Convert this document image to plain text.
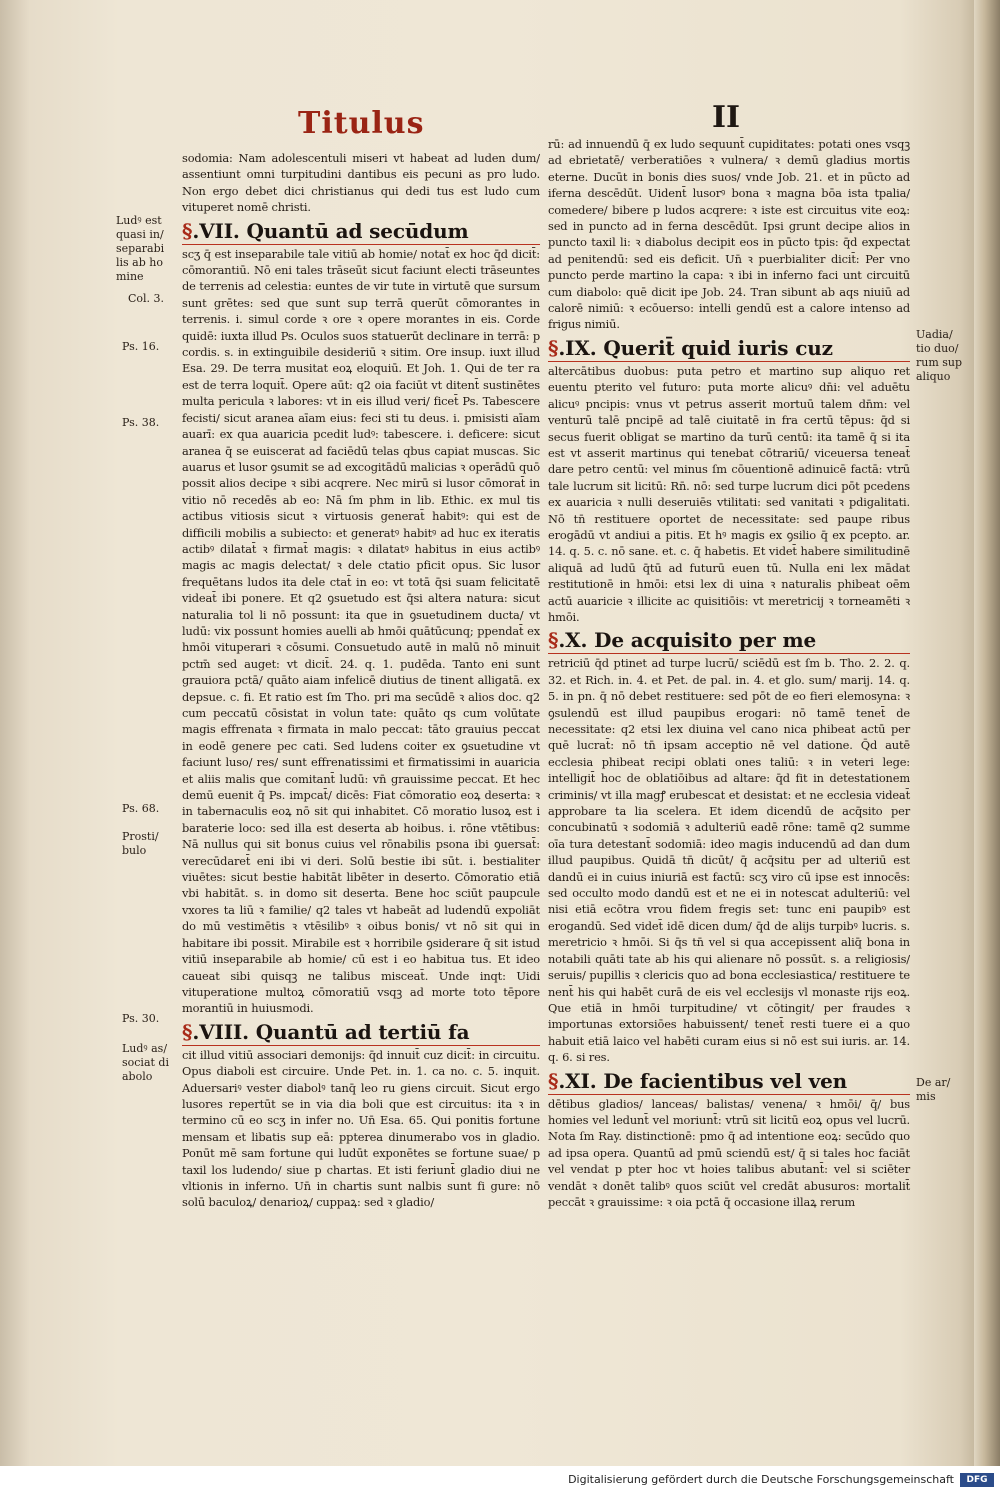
Titulus	II

sodomia: Nam adolescentuli miseri vt habeat ad luden dum/ assentiunt omni turpitudini dantibus eis pecuni as pro ludo. Non ergo debet dici christianus qui dedi tus est ludo cum vituperet nomē christi.

§.VII. Quantū ad secūdum

scʒ q̄ est inseparabile tale vitiū ab homie/ notat̄ ex hoc q̄d dicit̄: cōmorantiū. Nō eni tales trāseūt sicut faciunt electi trāseuntes de terrenis ad celestia: euntes de vir tute in virtutē que sursum sunt grētes: sed que sunt sup terrā querūt cōmorantes in terrenis. i. simul corde ꝛ ore ꝛ opere morantes in eis. Corde quidē: iuxta illud Ps. Oculos suos statuerūt declinare in terrā: p cordis. s. in extinguibile desideriū ꝛ sitim. Ore insup. iuxt illud Esa. 29. De terra musitat eoꝝ eloquiū. Et Joh. 1. Qui de ter ra est de terra loquit̄. Opere aūt: q2 oia faciūt vt ditent̄ sustinētes multa pericula ꝛ labores: vt in eis illud veri/ ficet̄ Ps. Tabescere fecisti/ sicut aranea aīam eius: feci sti tu deus. i. pmisisti aīam auarī: ex qua auaricia pcedit ludꝰ: tabescere. i. deficere: sicut aranea q̄ se euiscerat ad faciēdū telas qbus capiat muscas. Sic auarus et lusor ꝯsumit se ad excogitādū malicias ꝛ operādū quō possit alios decipe ꝛ sibi acqrere. Nec mirū si lusor cōmorat̄ in vitio nō recedēs ab eo: Nā ſm phm in lib. Ethic. ex mul tis actibus vitiosis sicut ꝛ virtuosis generat̄ habitꝰ: qui est de difficili mobilis a subiecto: et generatꝰ habitꝰ ad huc ex iteratis actibꝰ dilatat̄ ꝛ firmat̄ magis: ꝛ dilatatꝰ habitus in eius actibꝰ magis ac magis delectat/ ꝛ dele ctatio pficit opus. Sic lusor frequētans ludos ita dele ctat̄ in eo: vt totā q̄si suam felicitatē videat̄ ibi ponere. Et q2 ꝯsuetudo est q̄si altera natura: sicut naturalia tol li nō possunt: ita que in ꝯsuetudinem ducta/ vt ludū: vix possunt homies auelli ab hmōi quātūcunq; ppendat̄ ex hmōi vituperari ꝛ cōsumi. Consuetudo autē in malū nō minuit pctm̄ sed auget: vt dicit̄. 24. q. 1. pudēda. Tanto eni sunt grauiora pctā/ quāto aiam infelicē diutius de tinent alligatā. ex depsue. c. fi. Et ratio est ſm Tho. pri ma secūdē ꝛ alios doc. q2 cum peccatū cōsistat in volun tate: quāto qs cum volūtate magis effrenata ꝛ firmata in malo peccat: tāto grauius peccat in eodē genere pec cati. Sed ludens coiter ex ꝯsuetudine vt faciunt luso/ res/ sunt effrenatissimi et firmatissimi in auaricia et aliis malis que comitant̄ ludū: vn̄ grauissime peccat. Et hec demū euenit q̄ Ps. impcat̄/ dicēs: Fiat cōmoratio eoꝝ deserta: ꝛ in tabernaculis eoꝝ nō sit qui inhabitet. Cō moratio lusoꝝ est i baraterie loco: sed illa est deserta ab hoibus. i. rōne vtētibus: Nā nullus qui sit bonus cuius vel rōnabilis psona ibi ꝯuersat̄: verecūdaret̄ eni ibi vi deri. Solū bestie ibi sūt. i. bestialiter viuētes: sicut bestie habitāt libēter in deserto. Cōmoratio etiā vbi habitāt. s. in domo sit deserta. Bene hoc sciūt paupcule vxores ta liū ꝛ familie/ q2 tales vt habeāt ad ludendū expoliāt do mū vestimētis ꝛ vtēsilibꝰ ꝛ oibus bonis/ vt nō sit qui in habitare ibi possit. Mirabile est ꝛ horribile ꝯsiderare q̄ sit istud vitiū inseparabile ab homie/ cū est i eo habitua tus. Et ideo caueat sibi quisqꝫ ne talibus misceat̄. Unde inqt: Uidi vituperatione multoꝝ cōmoratiū vsqꝫ ad morte toto tēpore morantiū in huiusmodi.

§.VIII. Quantū ad tertiū fa

cit illud vitiū associari demonijs: q̄d innuit̄ cuz dicit̄: in circuitu. Opus diaboli est circuire. Unde Pet. in. 1. ca no. c. 5. inquit. Aduersariꝰ vester diabolꝰ tanq̄ leo ru giens circuit. Sicut ergo lusores repertūt se in via dia boli que est circuitus: ita ꝛ in termino cū eo scʒ in infer no. Un̄ Esa. 65. Qui ponitis fortune mensam et libatis sup eā: ppterea dinumerabo vos in gladio. Ponūt mē sam fortune qui ludūt exponētes se fortune suae/ p taxil los ludendo/ siue p chartas. Et isti feriunt̄ gladio diui ne vltionis in inferno. Un̄ in chartis sunt nalbis sunt fi gure: nō solū baculoꝝ/ denarioꝝ/ cuppaꝝ: sed ꝛ gladio/

rū: ad innuendū q̄ ex ludo sequunt̄ cupiditates: potati ones vsqꝫ ad ebrietatē/ verberatiōes ꝛ vulnera/ ꝛ demū gladius mortis eterne. Ducūt in bonis dies suos/ vnde Job. 21. et in pūcto ad iferna descēdūt. Uident̄ lusorꝰ bona ꝛ magna bōa ista tpalia/ comedere/ bibere p ludos acqrere: ꝛ iste est circuitus vite eoꝝ: sed in puncto ad in ferna descēdūt. Ipsi grunt decipe alios in puncto taxil li: ꝛ diabolus decipit eos in pūcto tpis: q̄d expectat ad penitendū: sed eis deficit. Un̄ ꝛ puerbialiter dicit̄: Per vno puncto perde martino la capa: ꝛ ibi in inferno faci unt circuitū cum diabolo: quē dicit ipe Job. 24. Tran sibunt ab aqs niuiū ad calorē nimiū: ꝛ ecōuerso: intelli gendū est a calore intenso ad frigus nimiū.

§.IX. Querit̄ quid iuris cuz

altercātibus duobus: puta petro et martino sup aliquo ret euentu pterito vel futuro: puta morte alicuꝰ dn̄i: vel aduētu alicuꝰ pncipis: vnus vt petrus asserit mortuū talem dn̄m: vel venturū talē pncipē ad talē ciuitatē in fra certū tēpus: q̄d si secus fuerit obligat se martino da turū centū: ita tamē q̄ si ita est vt asserit martinus qui tenebat cōtrariū/ viceuersa teneat̄ dare petro centū: vel minus ſm cōuentionē adinuicē factā: vtrū tale lucrum sit licitū: Rn̄. nō: sed turpe lucrum dici pōt pcedens ex auaricia ꝛ nulli deseruiēs vtilitati: sed vanitati ꝛ pdigalitati. Nō tn̄ restituere oportet de necessitate: sed paupe ribus erogādū vt andiui a pitis. Et hꝰ magis ex ꝯsilio q̄ ex pcepto. ar. 14. q. 5. c. nō sane. et. c. q̄ habetis. Et videt̄ habere similitudinē aliquā ad ludū q̄tū ad futurū euen tū. Nulla eni lex mādat restitutionē in hmōi: etsi lex di uina ꝛ naturalis phibeat oēm actū auaricie ꝛ illicite ac quisitiōis: vt meretricij ꝛ torneamēti ꝛ hmōi.

§.X. De acquisito per me

retriciū q̄d ptinet ad turpe lucrū/ sciēdū est ſm b. Tho. 2. 2. q. 32. et Rich. in. 4. et Pet. de pal. in. 4. et glo. sum/ marij. 14. q. 5. in pn. q̄ nō debet restituere: sed pōt de eo fieri elemosyna: ꝛ ꝯsulendū est illud paupibus erogari: nō tamē tenet̄ de necessitate: q2 etsi lex diuina vel cano nica phibeat actū per quē lucrat̄: nō tn̄ ipsam acceptio nē vel datione. Q̄d autē ecclesia phibeat recipi oblati ones taliū: ꝛ in veteri lege: intelligit̄ hoc de oblatiōibus ad altare: q̄d fit in detestationem criminis/ vt illa magꝭ erubescat et desistat: et ne ecclesia videat̄ approbare ta lia scelera. Et idem dicendū de acq̄sito per concubinatū ꝛ sodomiā ꝛ adulteriū eadē rōne: tamē q2 summe oīa tura detestant̄ sodomiā: ideo magis inducendū ad dan dum illud paupibus. Quidā tn̄ dicūt/ q̄ acq̄situ per ad ulteriū est dandū ei in cuius iniuriā est factū: scʒ viro cū ipse est innocēs: sed occulto modo dandū est et ne ei in notescat adulteriū: vel nisi etiā ecōtra vrou fidem fregis set: tunc eni paupibꝰ est erogandū. Sed videt̄ idē dicen dum/ q̄d de alijs turpibꝰ lucris. s. meretricio ꝛ hmōi. Si q̄s tn̄ vel si qua accepissent aliq̄ bona in notabili quāti tate ab his qui alienare nō possūt. s. a religiosis/ seruis/ pupillis ꝛ clericis quo ad bona ecclesiastica/ restituere te nent̄ his qui habēt curā de eis vel ecclesijs vl monaste rijs eoꝝ. Que etiā in hmōi turpitudine/ vt cōtingit/ per fraudes ꝛ importunas extorsiōes habuissent/ tenet̄ resti tuere ei a quo habuit etiā laico vel habēti curam eius si nō est sui iuris. ar. 14. q. 6. si res.

§.XI. De facientibus vel ven

dētibus gladios/ lanceas/ balistas/ venena/ ꝛ hmōi/ q̄/ bus homies vel ledunt̄ vel moriunt̄: vtrū sit licitū eoꝝ opus vel lucrū. Nota ſm Ray. distinctionē: pmo q̄ ad intentione eoꝝ: secūdo quo ad ipsa opera. Quantū ad pmū sciendū est/ q̄ si tales hoc faciāt vel vendat p pter hoc vt hoies talibus abutant̄: vel si sciēter vendāt ꝛ donēt talibꝰ quos sciūt vel credāt abusuros: mortalit̄ peccāt ꝛ grauissime: ꝛ oia pctā q̄ occasione illaꝝ rerum

Ludꝰ est quasi in/ separabi lis ab ho mine
Col. 3.
Ps. 16.
Ps. 38.
Ps. 68.
Prosti/ bulo
Ps. 30.
Ludꝰ as/ sociat di abolo
Uadia/ tio duo/ rum sup aliquo
De ar/ mis
Digitalisierung gefördert durch die Deutsche Forschungsgemeinschaft	DFG
